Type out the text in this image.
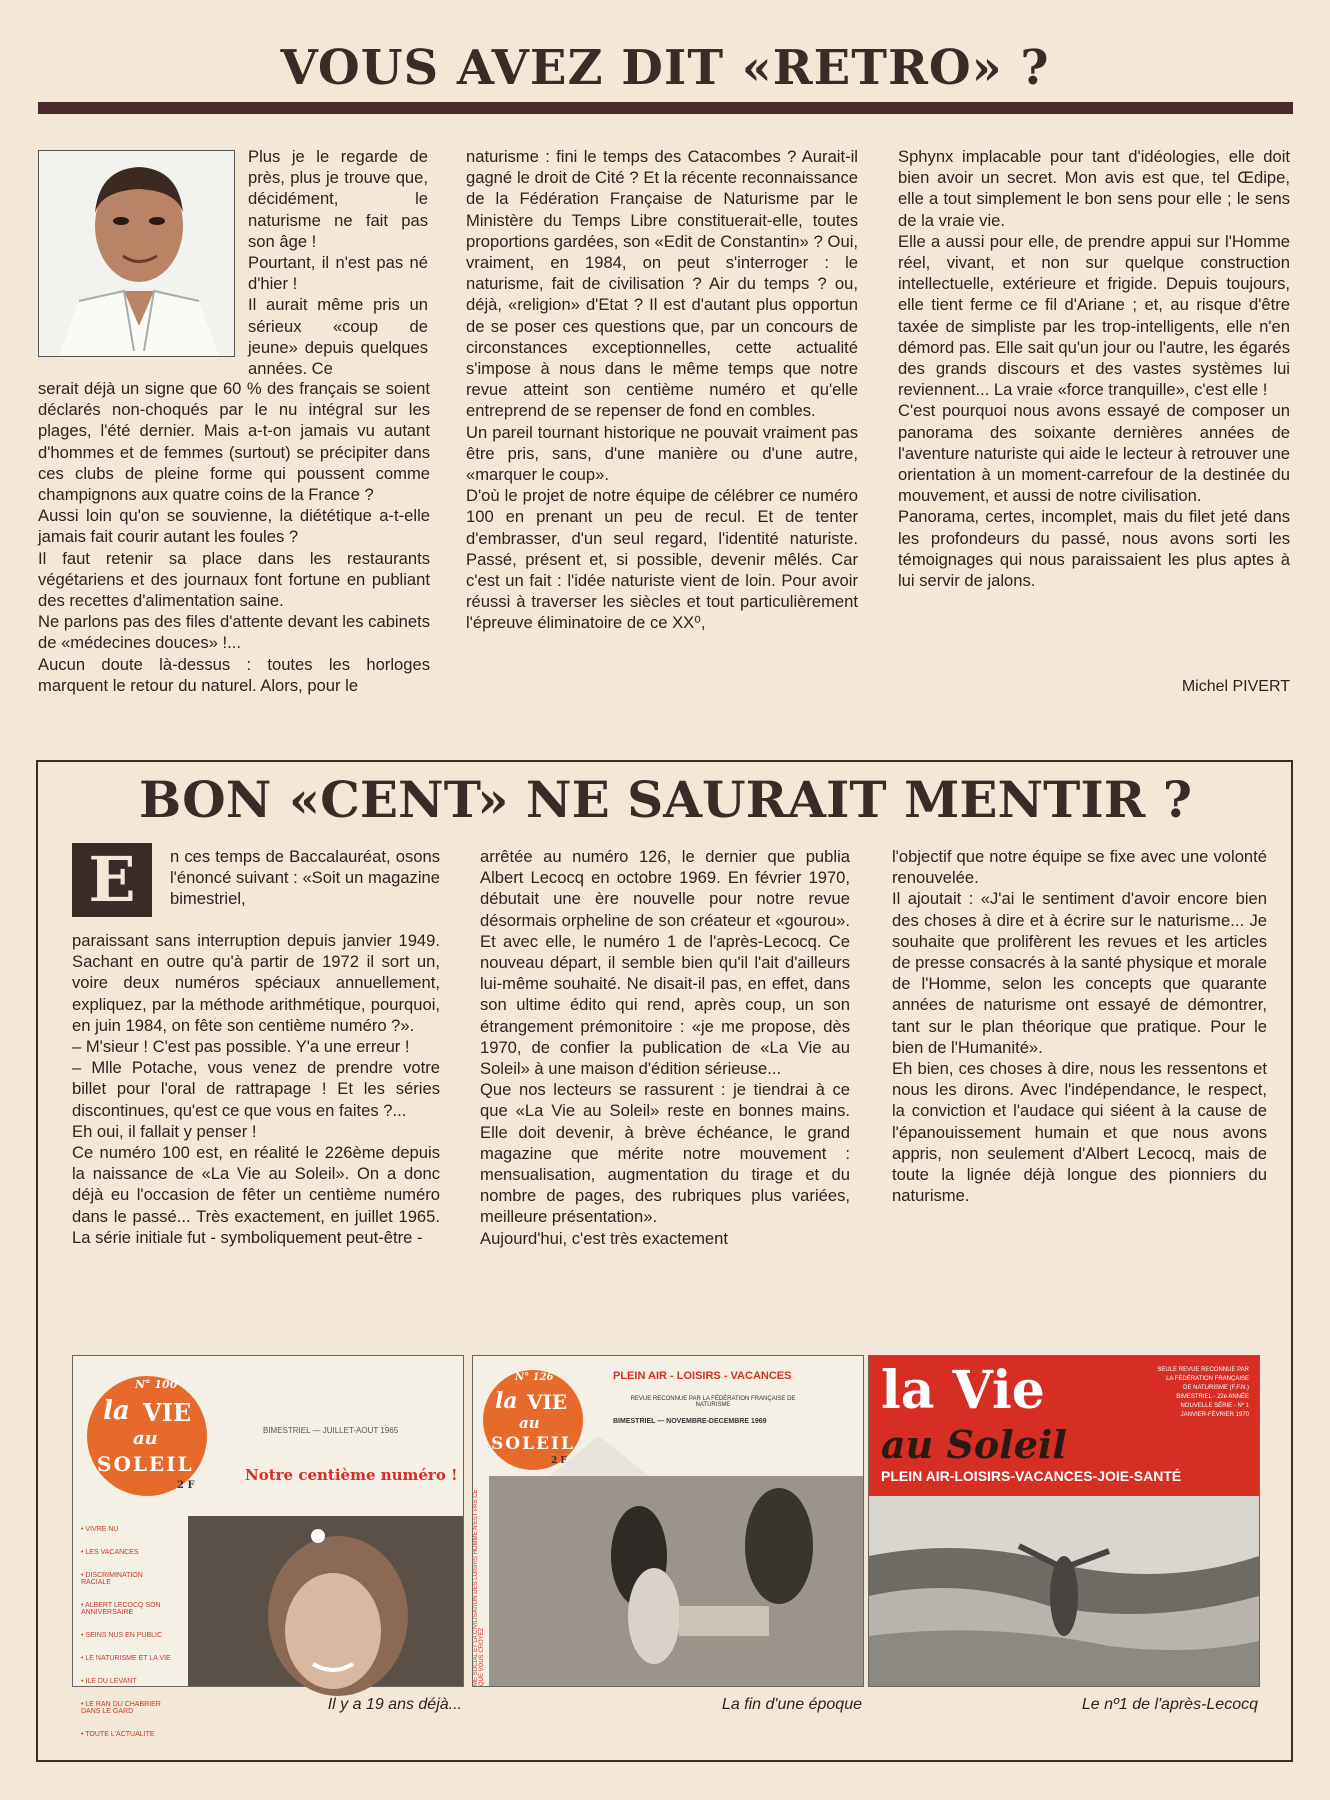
VOUS AVEZ DIT «RETRO» ?

Plus je le regarde de près, plus je trouve que, décidément, le naturisme ne fait pas son âge !

Pourtant, il n'est pas né d'hier !

Il aurait même pris un sérieux «coup de jeune» depuis quelques années. Ce

serait déjà un signe que 60 % des français se soient déclarés non-choqués par le nu intégral sur les plages, l'été dernier. Mais a-t-on jamais vu autant d'hommes et de femmes (surtout) se précipiter dans ces clubs de pleine forme qui poussent comme champignons aux quatre coins de la France ?

Aussi loin qu'on se souvienne, la diététique a-t-elle jamais fait courir autant les foules ?

Il faut retenir sa place dans les restaurants végétariens et des journaux font fortune en publiant des recettes d'alimentation saine.

Ne parlons pas des files d'attente devant les cabinets de «médecines douces» !...

Aucun doute là-dessus : toutes les horloges marquent le retour du naturel. Alors, pour le

naturisme : fini le temps des Catacombes ? Aurait-il gagné le droit de Cité ? Et la récente reconnaissance de la Fédération Française de Naturisme par le Ministère du Temps Libre constituerait-elle, toutes proportions gardées, son «Edit de Constantin» ? Oui, vraiment, en 1984, on peut s'interroger : le naturisme, fait de civilisation ? Air du temps ? ou, déjà, «religion» d'Etat ? Il est d'autant plus opportun de se poser ces questions que, par un concours de circonstances exceptionnelles, cette actualité s'impose à nous dans le même temps que notre revue atteint son centième numéro et qu'elle entreprend de se repenser de fond en combles.

Un pareil tournant historique ne pouvait vraiment pas être pris, sans, d'une manière ou d'une autre, «marquer le coup».

D'où le projet de notre équipe de célébrer ce numéro 100 en prenant un peu de recul. Et de tenter d'embrasser, d'un seul regard, l'identité naturiste. Passé, présent et, si possible, devenir mêlés. Car c'est un fait : l'idée naturiste vient de loin. Pour avoir réussi à traverser les siècles et tout particulièrement l'épreuve éliminatoire de ce XX⁰,

Sphynx implacable pour tant d'idéologies, elle doit bien avoir un secret. Mon avis est que, tel Œdipe, elle a tout simplement le bon sens pour elle ; le sens de la vraie vie.

Elle a aussi pour elle, de prendre appui sur l'Homme réel, vivant, et non sur quelque construction intellectuelle, extérieure et frigide. Depuis toujours, elle tient ferme ce fil d'Ariane ; et, au risque d'être taxée de simpliste par les trop-intelligents, elle n'en démord pas. Elle sait qu'un jour ou l'autre, les égarés des grands discours et des vastes systèmes lui reviennent... La vraie «force tranquille», c'est elle !

C'est pourquoi nous avons essayé de composer un panorama des soixante dernières années de l'aventure naturiste qui aide le lecteur à retrouver une orientation à un moment-carrefour de la destinée du mouvement, et aussi de notre civilisation.

Panorama, certes, incomplet, mais du filet jeté dans les profondeurs du passé, nous avons sorti les témoignages qui nous paraissaient les plus aptes à lui servir de jalons.

Michel PIVERT
BON «CENT» NE SAURAIT MENTIR ?
E	n ces temps de Baccalauréat, osons l'énoncé suivant : «Soit un magazine bimestriel,

paraissant sans interruption depuis janvier 1949. Sachant en outre qu'à partir de 1972 il sort un, voire deux numéros spéciaux annuellement, expliquez, par la méthode arithmétique, pourquoi, en juin 1984, on fête son centième numéro ?».

– M'sieur ! C'est pas possible. Y'a une erreur !

– Mlle Potache, vous venez de prendre votre billet pour l'oral de rattrapage ! Et les séries discontinues, qu'est ce que vous en faites ?...

Eh oui, il fallait y penser !

Ce numéro 100 est, en réalité le 226ème depuis la naissance de «La Vie au Soleil». On a donc déjà eu l'occasion de fêter un centième numéro dans le passé... Très exactement, en juillet 1965. La série initiale fut - symboliquement peut-être -

arrêtée au numéro 126, le dernier que publia Albert Lecocq en octobre 1969. En février 1970, débutait une ère nouvelle pour notre revue désormais orpheline de son créateur et «gourou». Et avec elle, le numéro 1 de l'après-Lecocq. Ce nouveau départ, il semble bien qu'il l'ait d'ailleurs lui-même souhaité. Ne disait-il pas, en effet, dans son ultime édito qui rend, après coup, un son étrangement prémonitoire : «je me propose, dès 1970, de confier la publication de «La Vie au Soleil» à une maison d'édition sérieuse...

Que nos lecteurs se rassurent : je tiendrai à ce que «La Vie au Soleil» reste en bonnes mains. Elle doit devenir, à brève échéance, le grand magazine que mérite notre mouvement : mensualisation, augmentation du tirage et du nombre de pages, des rubriques plus variées, meilleure présentation».

Aujourd'hui, c'est très exactement

l'objectif que notre équipe se fixe avec une volonté renouvelée.

Il ajoutait : «J'ai le sentiment d'avoir encore bien des choses à dire et à écrire sur le naturisme... Je souhaite que prolifèrent les revues et les articles de presse consacrés à la santé physique et morale de l'Homme, selon les concepts que quarante années de naturisme ont essayé de démontrer, tant sur le plan théorique que pratique. Pour le bien de l'Humanité».

Eh bien, ces choses à dire, nous les ressentons et nous les dirons. Avec l'indépendance, le respect, la conviction et l'audace qui siéent à la cause de l'épanouissement humain et que nous avons appris, non seulement d'Albert Lecocq, mais de toute la lignée déjà longue des pionniers du naturisme.

N° 100
la VIE
au
SOLEIL
2 F
BIMESTRIEL — JUILLET-AOUT 1965
Notre centième numéro !
• VIVRE NU
• LES VACANCES
• DISCRIMINATION RACIALE
• ALBERT LECOCQ SON ANNIVERSAIRE
• SEINS NUS EN PUBLIC
• LE NATURISME ET LA VIE
• ILE DU LEVANT
• LE RAN DU CHABRIER DANS LE GARD
• TOUTE L'ACTUALITE
Il y a 19 ans déjà...
N° 126
la VIE
au
SOLEIL
2 F
PLEIN AIR - LOISIRS - VACANCES
REVUE RECONNUE PAR LA FÉDÉRATION FRANÇAISE DE NATURISME
BIMESTRIEL — NOVEMBRE-DECEMBRE 1969
ME SOCIAL ET LA CIVILISATION DES LOISIRS HOMME N'EST PAS CE QUE VOUS CROYEZ
La fin d'une époque
la Vie
au Soleil
PLEIN AIR-LOISIRS-VACANCES-JOIE-SANTÉ
SEULE REVUE RECONNUE PAR
LA FÉDÉRATION FRANÇAISE
DE NATURISME (F.F.N.)
BIMESTRIEL - 22e ANNÉE
NOUVELLE SÉRIE - Nº 1
JANVIER-FÉVRIER 1970
Le nº1 de l'après-Lecocq
